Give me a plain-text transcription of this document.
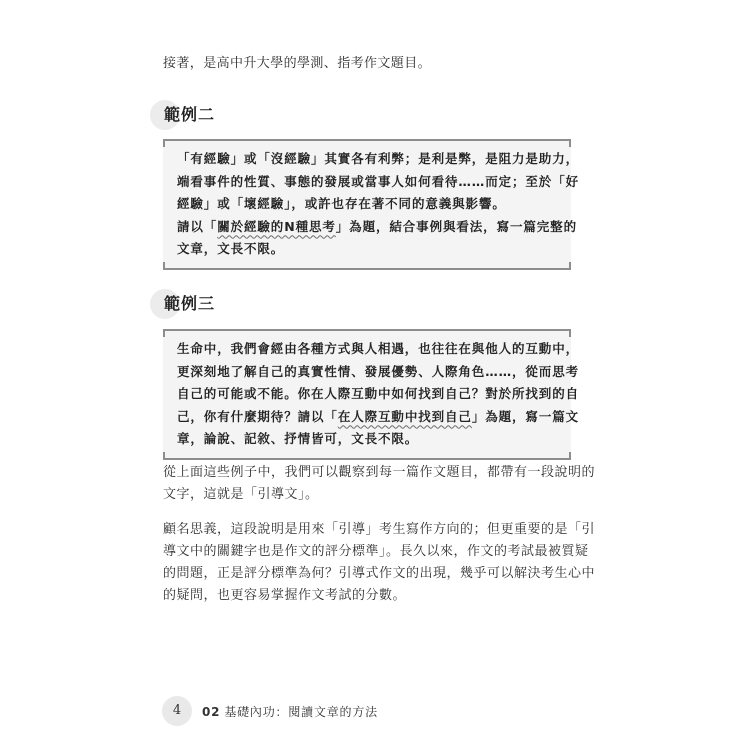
接著，是高中升大學的學測、指考作文題目。
範例二
「有經驗」或「沒經驗」其實各有利弊；是利是弊，是阻力是助力，
端看事件的性質、事態的發展或當事人如何看待……而定；至於「好
經驗」或「壞經驗」，或許也存在著不同的意義與影響。
請以「關於經驗的N種思考」為題，結合事例與看法，寫一篇完整的
文章，文長不限。
範例三
生命中，我們會經由各種方式與人相遇，也往往在與他人的互動中，
更深刻地了解自己的真實性情、發展優勢、人際角色……，從而思考
自己的可能或不能。你在人際互動中如何找到自己？對於所找到的自
己，你有什麼期待？請以「在人際互動中找到自己」為題，寫一篇文
章，論說、記敘、抒情皆可，文長不限。
從上面這些例子中，我們可以觀察到每一篇作文題目，都帶有一段說明的
文字，這就是「引導文」。
顧名思義，這段說明是用來「引導」考生寫作方向的；但更重要的是「引
導文中的關鍵字也是作文的評分標準」。長久以來，作文的考試最被質疑
的問題，正是評分標準為何？引導式作文的出現，幾乎可以解決考生心中
的疑問，也更容易掌握作文考試的分數。
4	02 基礎內功：閱讀文章的方法
